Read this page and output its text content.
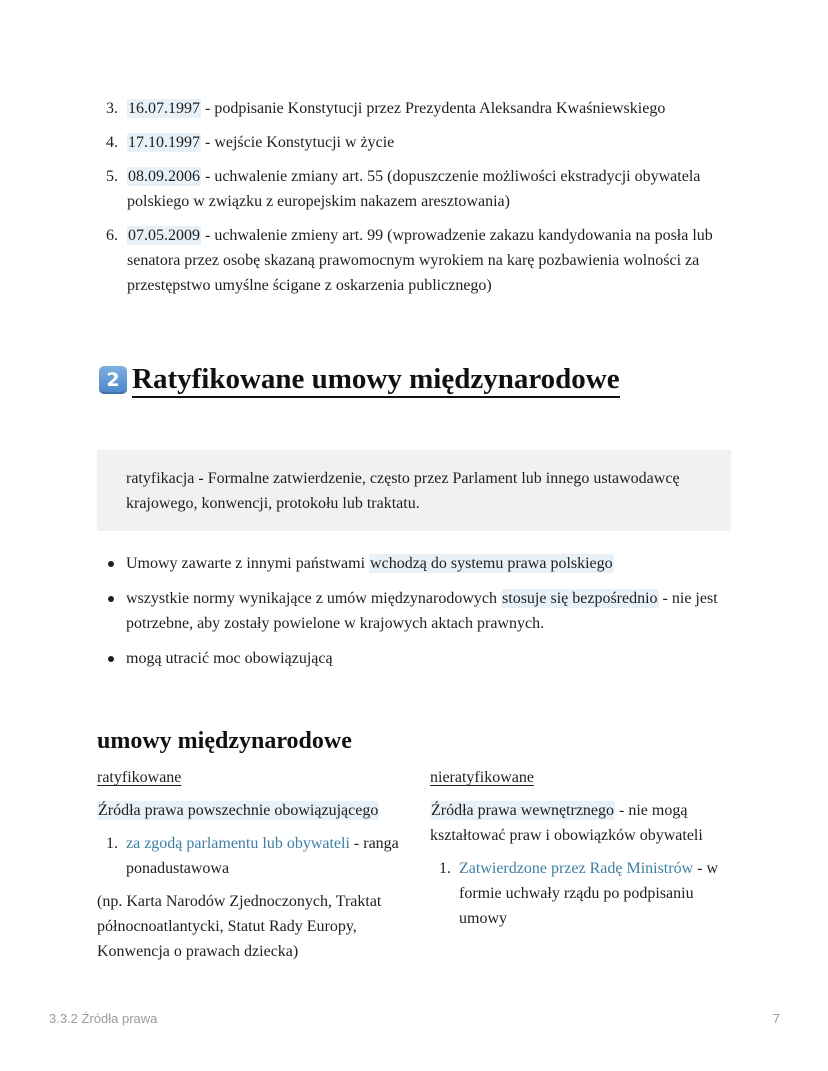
3. 16.07.1997 - podpisanie Konstytucji przez Prezydenta Aleksandra Kwaśniewskiego
4. 17.10.1997 - wejście Konstytucji w życie
5. 08.09.2006 - uchwalenie zmiany art. 55 (dopuszczenie możliwości ekstradycji obywatela polskiego w związku z europejskim nakazem aresztowania)
6. 07.05.2009 - uchwalenie zmieny art. 99 (wprowadzenie zakazu kandydowania na posła lub senatora przez osobę skazaną prawomocnym wyrokiem na karę pozbawienia wolności za przestępstwo umyślne ścigane z oskarzenia publicznego)
2 Ratyfikowane umowy międzynarodowe
ratyfikacja - Formalne zatwierdzenie, często przez Parlament lub innego ustawodawcę krajowego, konwencji, protokołu lub traktatu.
Umowy zawarte z innymi państwami wchodzą do systemu prawa polskiego
wszystkie normy wynikające z umów międzynarodowych stosuje się bezpośrednio - nie jest potrzebne, aby zostały powielone w krajowych aktach prawnych.
mogą utracić moc obowiązującą
umowy międzynarodowe
ratyfikowane
Źródła prawa powszechnie obowiązującego
1. za zgodą parlamentu lub obywateli - ranga ponadustawowa
(np. Karta Narodów Zjednoczonych, Traktat północnoatlantycki, Statut Rady Europy, Konwencja o prawach dziecka)
nieratyfikowane
Źródła prawa wewnętrznego - nie mogą kształtować praw i obowiązków obywateli
1. Zatwierdzone przez Radę Ministrów - w formie uchwały rządu po podpisaniu umowy
3.3.2 Źródła prawa	7
